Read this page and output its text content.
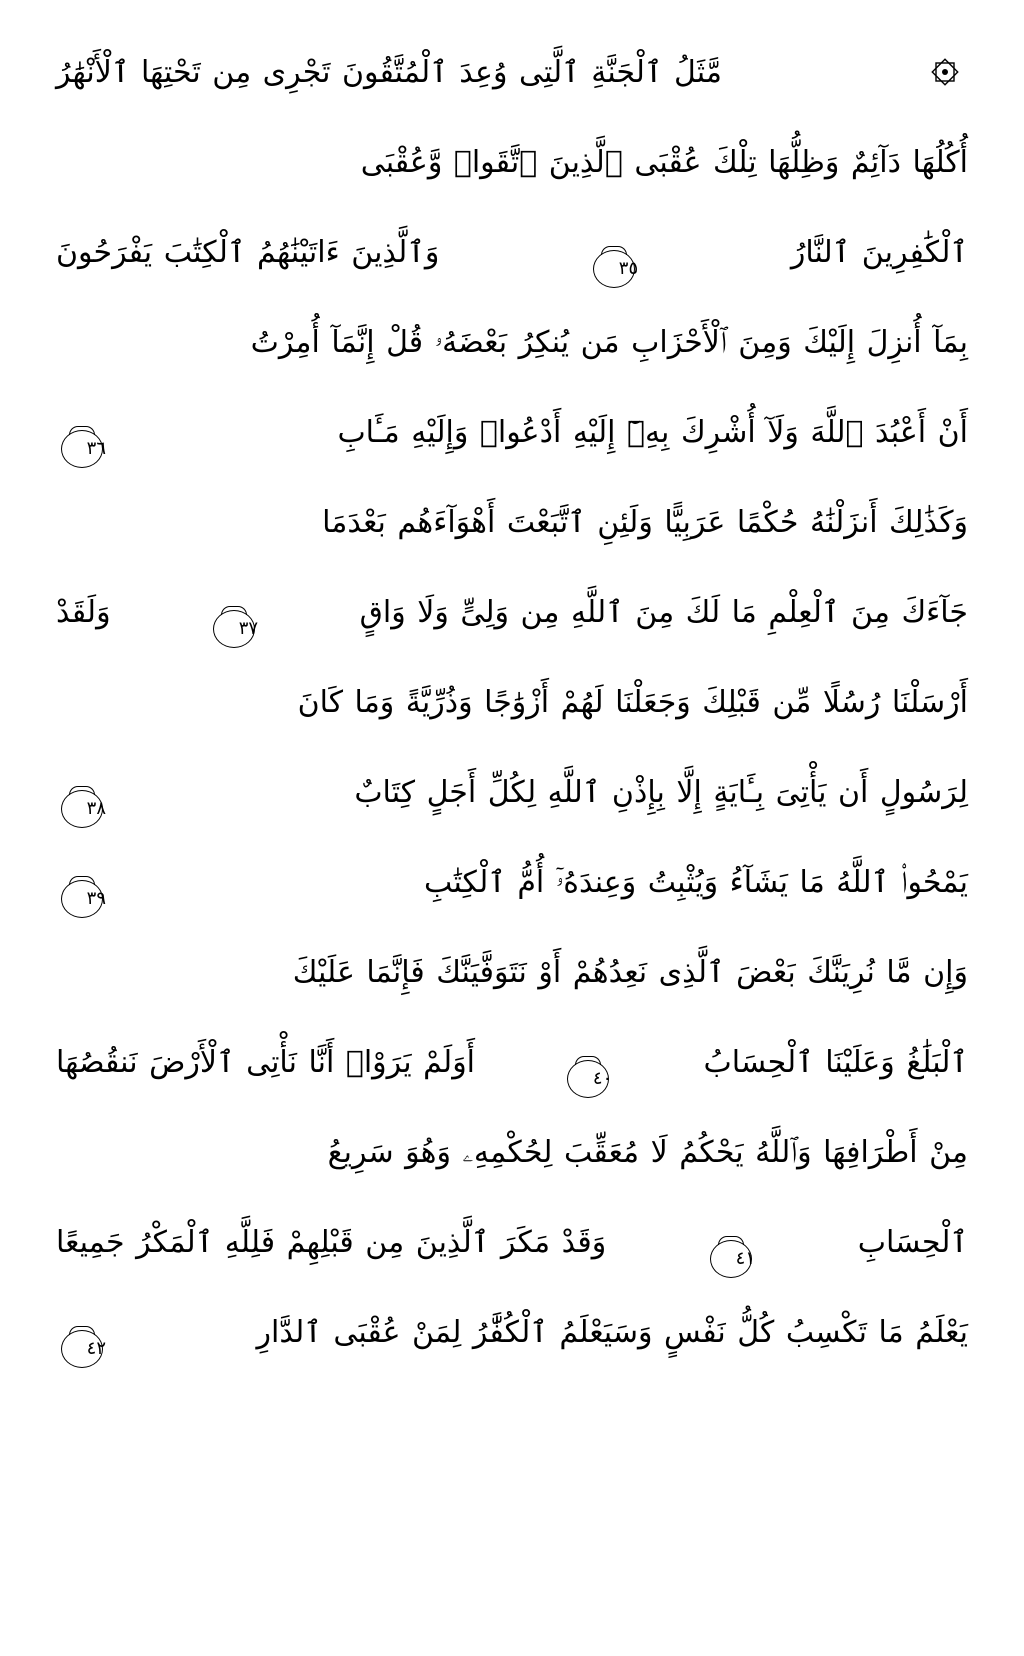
مَّثَلُ ٱلْجَنَّةِ ٱلَّتِى وُعِدَ ٱلْمُتَّقُونَ تَجْرِى مِن تَحْتِهَا ٱلْأَنْهَٰرُ
أُكُلُهَا دَآئِمٌ وَظِلُّهَا تِلْكَ عُقْبَى ٱلَّذِينَ ٱتَّقَوا۟ وَّعُقْبَى
ٱلْكَٰفِرِينَ ٱلنَّارُ ٣٥ وَٱلَّذِينَ ءَاتَيْنَٰهُمُ ٱلْكِتَٰبَ يَفْرَحُونَ
بِمَآ أُنزِلَ إِلَيْكَ وَمِنَ ٱلْأَحْزَابِ مَن يُنكِرُ بَعْضَهُۥ قُلْ إِنَّمَآ أُمِرْتُ
أَنْ أَعْبُدَ ٱللَّهَ وَلَآ أُشْرِكَ بِهِۦٓ إِلَيْهِ أَدْعُوا۟ وَإِلَيْهِ مَـَٔابِ ٣٦
وَكَذَٰلِكَ أَنزَلْنَٰهُ حُكْمًا عَرَبِيًّا وَلَئِنِ ٱتَّبَعْتَ أَهْوَآءَهُم بَعْدَمَا
جَآءَكَ مِنَ ٱلْعِلْمِ مَا لَكَ مِنَ ٱللَّهِ مِن وَلِىٍّ وَلَا وَاقٍ ٣٧ وَلَقَدْ
أَرْسَلْنَا رُسُلًا مِّن قَبْلِكَ وَجَعَلْنَا لَهُمْ أَزْوَٰجًا وَذُرِّيَّةً وَمَا كَانَ
لِرَسُولٍ أَن يَأْتِىَ بِـَٔايَةٍ إِلَّا بِإِذْنِ ٱللَّهِ لِكُلِّ أَجَلٍ كِتَابٌ ٣٨
يَمْحُوا۟ ٱللَّهُ مَا يَشَآءُ وَيُثْبِتُ وَعِندَهُۥٓ أُمُّ ٱلْكِتَٰبِ ٣٩
وَإِن مَّا نُرِيَنَّكَ بَعْضَ ٱلَّذِى نَعِدُهُمْ أَوْ نَتَوَفَّيَنَّكَ فَإِنَّمَا عَلَيْكَ
ٱلْبَلَٰغُ وَعَلَيْنَا ٱلْحِسَابُ ٤٠ أَوَلَمْ يَرَوْا۟ أَنَّا نَأْتِى ٱلْأَرْضَ نَنقُصُهَا
مِنْ أَطْرَافِهَا وَٱللَّهُ يَحْكُمُ لَا مُعَقِّبَ لِحُكْمِهِۦ وَهُوَ سَرِيعُ
ٱلْحِسَابِ ٤١ وَقَدْ مَكَرَ ٱلَّذِينَ مِن قَبْلِهِمْ فَلِلَّهِ ٱلْمَكْرُ جَمِيعًا
يَعْلَمُ مَا تَكْسِبُ كُلُّ نَفْسٍ وَسَيَعْلَمُ ٱلْكُفَّٰرُ لِمَنْ عُقْبَى ٱلدَّارِ ٤٢
